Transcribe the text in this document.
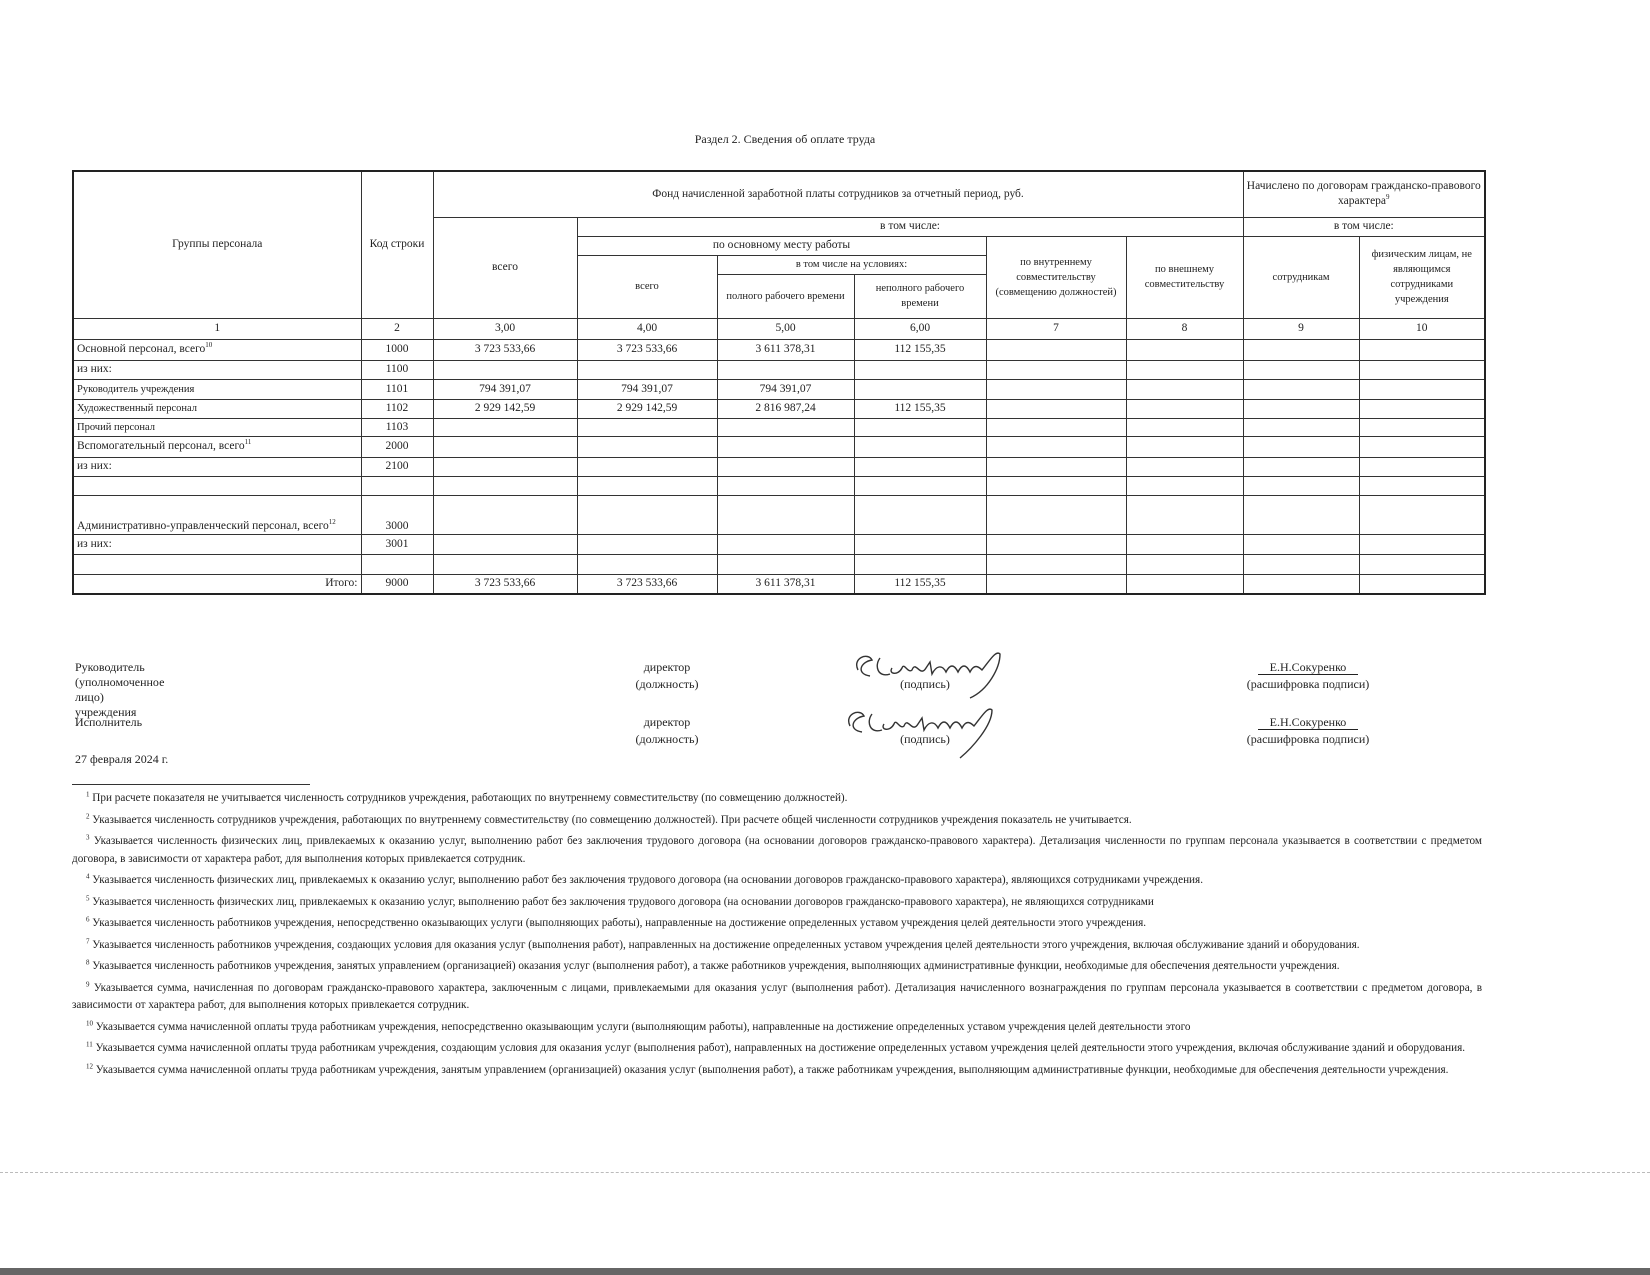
Раздел 2. Сведения об оплате труда
Группы персонала	Код строки	Фонд начисленной заработной платы сотрудников за отчетный период, руб.						Начислено по договорам гражданско-правового характера$^9$
		всего	в том числе:					в том числе:	
			по основному месту работы			по внутреннему совместительству (совмещению должностей)	по внешнему совместительству	сотрудникам	физическим лицам, не являющимся сотрудниками учреждения
			всего	в том числе на условиях:					
				полного рабочего времени	неполного рабочего времени				
1	2	3,00	4,00	5,00	6,00	7	8	9	10
Основной персонал, всего$^{10}$	1000	3 723 533,66	3 723 533,66	3 611 378,31	112 155,35				
из них:	1100								
Руководитель учреждения	1101	794 391,07	794 391,07	794 391,07					
Художественный персонал	1102	2 929 142,59	2 929 142,59	2 816 987,24	112 155,35				
Прочий персонал	1103								
Вспомогательный персонал, всего$^{11}$	2000								
из них:	2100								

Административно-управленческий персонал, всего$^{12}$	3000								
из них:	3001								

Итого:	9000	3 723 533,66	3 723 533,66	3 611 378,31	112 155,35				
Руководитель (уполномоченное лицо) учреждения
директор
(должность)	(подпись)
Е.Н.Сокуренко
(расшифровка подписи)
Исполнитель	директор
(должность)	(подпись)
Е.Н.Сокуренко
(расшифровка подписи)
27 февраля 2024 г.
$^1$ При расчете показателя не учитывается численность сотрудников учреждения, работающих по внутреннему совместительству (по совмещению должностей).
$^2$ Указывается численность сотрудников учреждения, работающих по внутреннему совместительству (по совмещению должностей). При расчете общей численности сотрудников учреждения показатель не учитывается.
$^3$ Указывается численность физических лиц, привлекаемых к оказанию услуг, выполнению работ без заключения трудового договора (на основании договоров гражданско-правового характера). Детализация численности по группам персонала указывается в соответствии с предметом договора, в зависимости от характера работ, для выполнения которых привлекается сотрудник.
$^4$ Указывается численность физических лиц, привлекаемых к оказанию услуг, выполнению работ без заключения трудового договора (на основании договоров гражданско-правового характера), являющихся сотрудниками учреждения.
$^5$ Указывается численность физических лиц, привлекаемых к оказанию услуг, выполнению работ без заключения трудового договора (на основании договоров гражданско-правового характера), не являющихся сотрудниками
$^6$ Указывается численность работников учреждения, непосредственно оказывающих услуги (выполняющих работы), направленные на достижение определенных уставом учреждения целей деятельности этого учреждения.
$^7$ Указывается численность работников учреждения, создающих условия для оказания услуг (выполнения работ), направленных на достижение определенных уставом учреждения целей деятельности этого учреждения, включая обслуживание зданий и оборудования.
$^8$ Указывается численность работников учреждения, занятых управлением (организацией) оказания услуг (выполнения работ), а также работников учреждения, выполняющих административные функции, необходимые для обеспечения деятельности учреждения.
$^9$ Указывается сумма, начисленная по договорам гражданско-правового характера, заключенным с лицами, привлекаемыми для оказания услуг (выполнения работ). Детализация начисленного вознаграждения по группам персонала указывается в соответствии с предметом договора, в зависимости от характера работ, для выполнения которых привлекается сотрудник.
$^{10}$ Указывается сумма начисленной оплаты труда работникам учреждения, непосредственно оказывающим услуги (выполняющим работы), направленные на достижение определенных уставом учреждения целей деятельности этого
$^{11}$ Указывается сумма начисленной оплаты труда работникам учреждения, создающим условия для оказания услуг (выполнения работ), направленных на достижение определенных уставом учреждения целей деятельности этого учреждения, включая обслуживание зданий и оборудования.
$^{12}$ Указывается сумма начисленной оплаты труда работникам учреждения, занятым управлением (организацией) оказания услуг (выполнения работ), а также работникам учреждения, выполняющим административные функции, необходимые для обеспечения деятельности учреждения.
